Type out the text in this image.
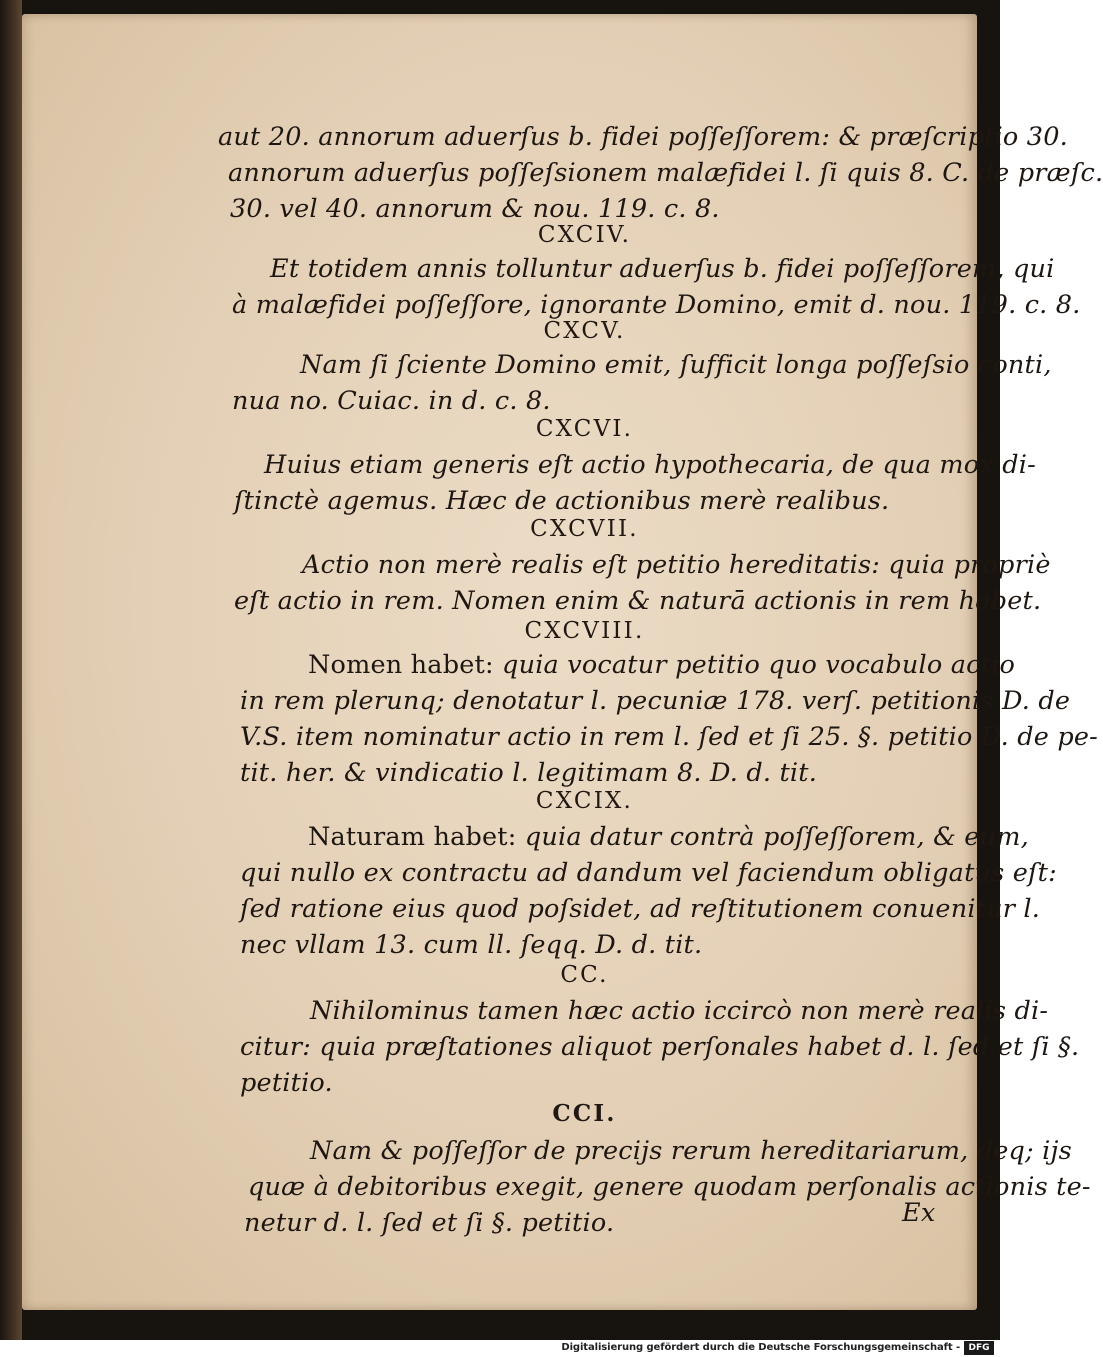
aut 20. annorum aduerſus b. fidei poſſeſſorem: & præſcriptio 30.
annorum aduerſus poſſeſsionem malæfidei l. ſi quis 8. C. de præſc.
30. vel 40. annorum & nou. 119. c. 8.
CXCIV.
Et totidem annis tolluntur aduerſus b. fidei poſſeſſorem, qui
à malæfidei poſſeſſore, ignorante Domino, emit d. nou. 119. c. 8.
CXCV.
Nam ſi ſciente Domino emit, ſufficit longa poſſeſsio conti,
nua no. Cuiac. in d. c. 8.
CXCVI.
Huius etiam generis eſt actio hypothecaria, de qua mox di-
ſtinctè agemus. Hæc de actionibus merè realibus.
CXCVII.
Actio non merè realis eſt petitio hereditatis: quia propriè
eſt actio in rem. Nomen enim & naturā actionis in rem habet.
CXCVIII.
Nomen habet: quia vocatur petitio quo vocabulo actio
in rem plerunq; denotatur l. pecuniæ 178. verſ. petitionis D. de
V.S. item nominatur actio in rem l. ſed et ſi 25. §. petitio D. de pe-
tit. her. & vindicatio l. legitimam 8. D. d. tit.
CXCIX.
Naturam habet: quia datur contrà poſſeſſorem, & eum,
qui nullo ex contractu ad dandum vel faciendum obligatus eſt:
ſed ratione eius quod poſsidet, ad reſtitutionem conuenitur l.
nec vllam 13. cum ll. ſeqq. D. d. tit.
CC.
Nihilominus tamen hæc actio iccircò non merè realis di-
citur: quia præſtationes aliquot perſonales habet d. l. ſed et ſi §.
petitio.
CCI.
Nam & poſſeſſor de precijs rerum hereditariarum, deq; ijs
quæ à debitoribus exegit, genere quodam perſonalis actionis te-
netur d. l. ſed et ſi §. petitio.	Ex
Digitalisierung gefördert durch die Deutsche Forschungsgemeinschaft - DFG
